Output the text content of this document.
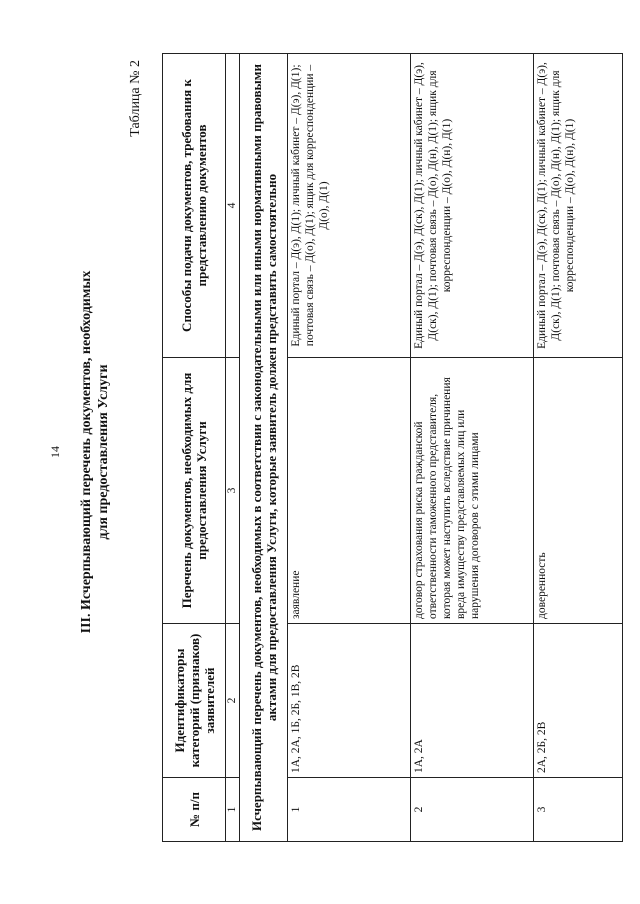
14 III. Исчерпывающий перечень документов, необходимых для предоставления Услуги
Таблица № 2
№ п/п	Идентификаторы категорий (признаков) заявителей	Перечень документов, необходимых для предоставления Услуги	Способы подачи документов, требования к представлению документов
1	2	3	4
Исчерпывающий перечень документов, необходимых в соответствии с законодательными или иными нормативными правовыми актами для предоставления Услуги, которые заявитель должен представить самостоятельно			
1	1А, 2А, 1Б, 2Б, 1В, 2В	заявление	Единый портал – Д(э), Д(1); личный кабинет – Д(э), Д(1); почтовая связь – Д(о), Д(1); ящик для корреспонденции – Д(о), Д(1)
2	1А, 2А	договор страхования риска гражданской ответственности таможенного представителя, которая может наступить вследствие причинения вреда имуществу представляемых лиц или нарушения договоров с этими лицами	Единый портал – Д(э), Д(ск), Д(1); личный кабинет – Д(э), Д(ск), Д(1); почтовая связь – Д(о), Д(н), Д(1); ящик для корреспонденции – Д(о), Д(н), Д(1)
3	2А, 2Б, 2В	доверенность	Единый портал – Д(э), Д(ск), Д(1); личный кабинет – Д(э), Д(ск), Д(1); почтовая связь – Д(о), Д(н), Д(1); ящик для корреспонденции – Д(о), Д(н), Д(1)
